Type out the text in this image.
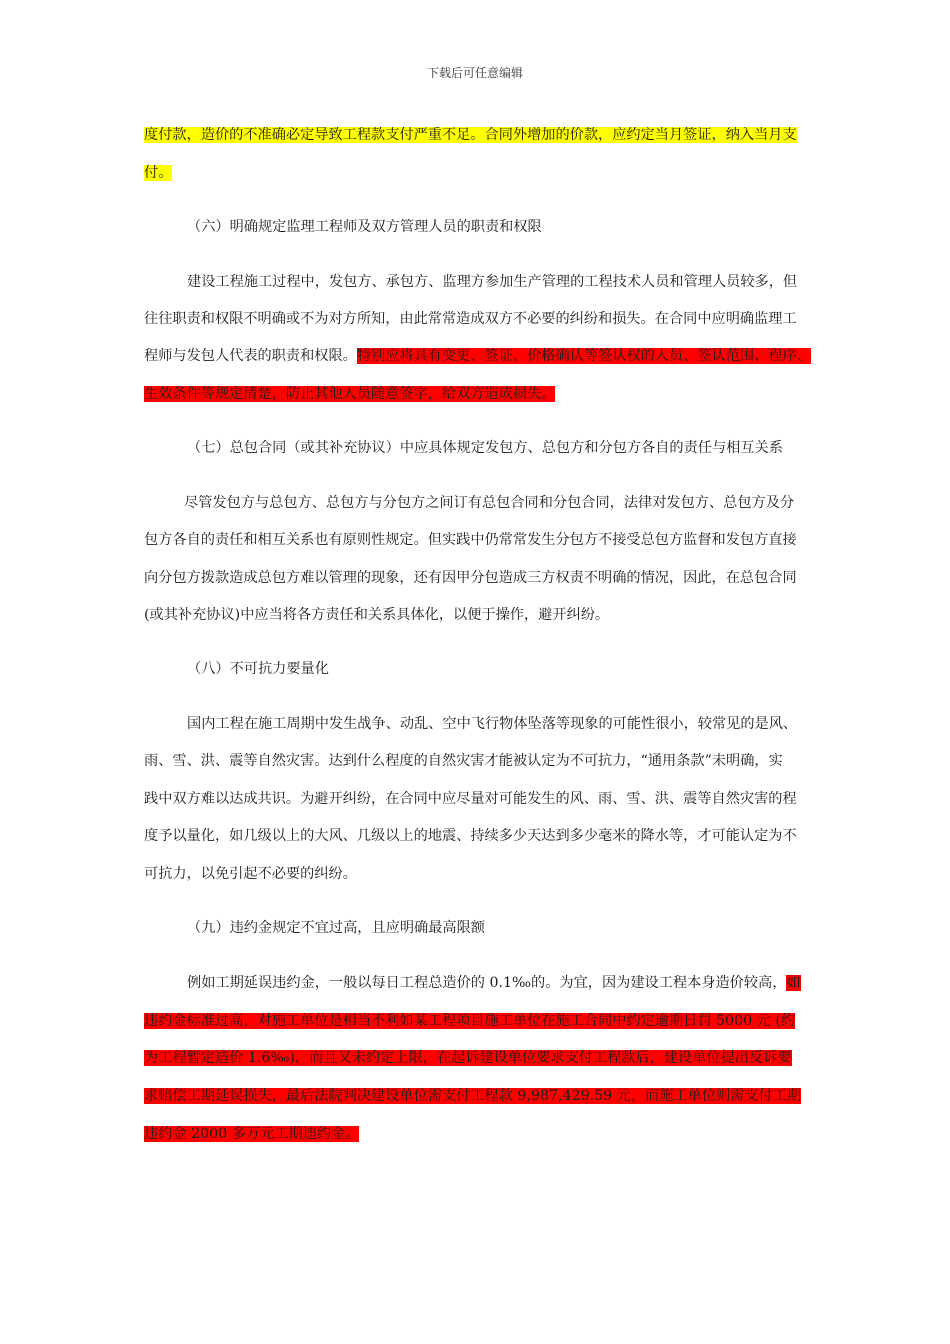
下载后可任意编辑
度付款，造价的不准确必定导致工程款支付严重不足。合同外增加的价款，应约定当月签证，纳入当月支
付。
（六）明确规定监理工程师及双方管理人员的职责和权限
建设工程施工过程中，发包方、承包方、监理方参加生产管理的工程技术人员和管理人员较多，但
往往职责和权限不明确或不为对方所知，由此常常造成双方不必要的纠纷和损失。在合同中应明确监理工
程师与发包人代表的职责和权限。特别应将具有变更、签证、价格确认等签认权的人员、签认范围、程序、
生效条件等规定清楚，防止其他人员随意签字，给双方造成损失。
（七）总包合同（或其补充协议）中应具体规定发包方、总包方和分包方各自的责任与相互关系
尽管发包方与总包方、总包方与分包方之间订有总包合同和分包合同，法律对发包方、总包方及分
包方各自的责任和相互关系也有原则性规定。但实践中仍常常发生分包方不接受总包方监督和发包方直接
向分包方拨款造成总包方难以管理的现象，还有因甲分包造成三方权责不明确的情况，因此，在总包合同
(或其补充协议)中应当将各方责任和关系具体化，以便于操作，避开纠纷。
（八）不可抗力要量化
国内工程在施工周期中发生战争、动乱、空中飞行物体坠落等现象的可能性很小，较常见的是风、
雨、雪、洪、震等自然灾害。达到什么程度的自然灾害才能被认定为不可抗力，“通用条款”未明确，实
践中双方难以达成共识。为避开纠纷，在合同中应尽量对可能发生的风、雨、雪、洪、震等自然灾害的程
度予以量化，如几级以上的大风、几级以上的地震、持续多少天达到多少毫米的降水等，才可能认定为不
可抗力，以免引起不必要的纠纷。
（九）违约金规定不宜过高，且应明确最高限额
例如工期延误违约金，一般以每日工程总造价的 0.1‰的。为宜，因为建设工程本身造价较高，如
违约金标准过高，对施工单位是相当不利如某工程项目施工单位在施工合同中约定逾期日罚 5000 元 (约
为工程暂定造价 1.6‰)，而且又未约定上限，在起诉建设单位要求支付工程款后，建设单位提出反诉要
求赔偿工期延误损失，最后法院判决建设单位需支付工程款 9,987,429.59 元，而施工单位则需支付工期
违约金 2000 多万元工期违约金。
